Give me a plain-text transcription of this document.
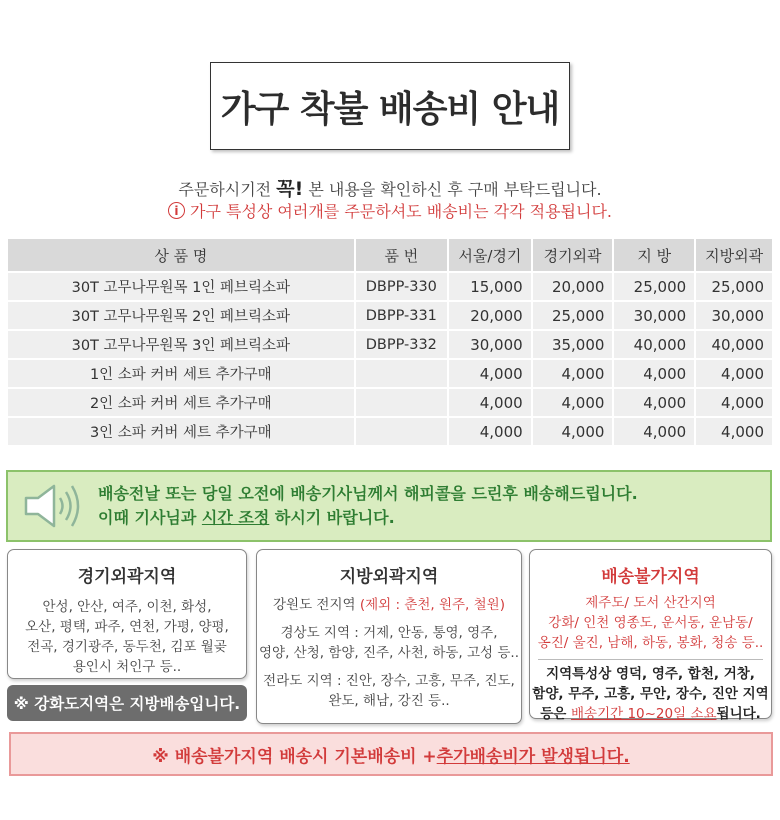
가구 착불 배송비 안내
주문하시기전 꼭! 본 내용을 확인하신 후 구매 부탁드립니다.
i 가구 특성상 여러개를 주문하셔도 배송비는 각각 적용됩니다.
상 품 명	품 번	서울/경기	경기외곽	지 방	지방외곽
30T 고무나무원목 1인 페브릭소파	DBPP-330	15,000	20,000	25,000	25,000
30T 고무나무원목 2인 페브릭소파	DBPP-331	20,000	25,000	30,000	30,000
30T 고무나무원목 3인 페브릭소파	DBPP-332	30,000	35,000	40,000	40,000
1인 소파 커버 세트 추가구매		4,000	4,000	4,000	4,000
2인 소파 커버 세트 추가구매		4,000	4,000	4,000	4,000
3인 소파 커버 세트 추가구매		4,000	4,000	4,000	4,000
배송전날 또는 당일 오전에 배송기사님께서 해피콜을 드린후 배송해드립니다.
이때 기사님과 시간 조정 하시기 바랍니다.
경기외곽지역

안성, 안산, 여주, 이천, 화성,
오산, 평택, 파주, 연천, 가평, 양평,
전곡, 경기광주, 동두천, 김포 월곶
용인시 처인구 등..

※ 강화도지역은 지방배송입니다.
지방외곽지역

강원도 전지역 (제외 : 춘천, 원주, 철원)

경상도 지역 : 거제, 안동, 통영, 영주,
영양, 산청, 함양, 진주, 사천, 하동, 고성 등..

전라도 지역 : 진안, 장수, 고흥, 무주, 진도,
완도, 해남, 강진 등..

배송불가지역

제주도/ 도서 산간지역
강화/ 인천 영종도, 운서동, 운남동/
옹진/ 울진, 남해, 하동, 봉화, 청송 등..

지역특성상 영덕, 영주, 합천, 거창,
함양, 무주, 고흥, 무안, 장수, 진안 지역
등은 배송기간 10~20일 소요됩니다.

※ 배송불가지역 배송시 기본배송비 + 추가배송비가 발생됩니다.
